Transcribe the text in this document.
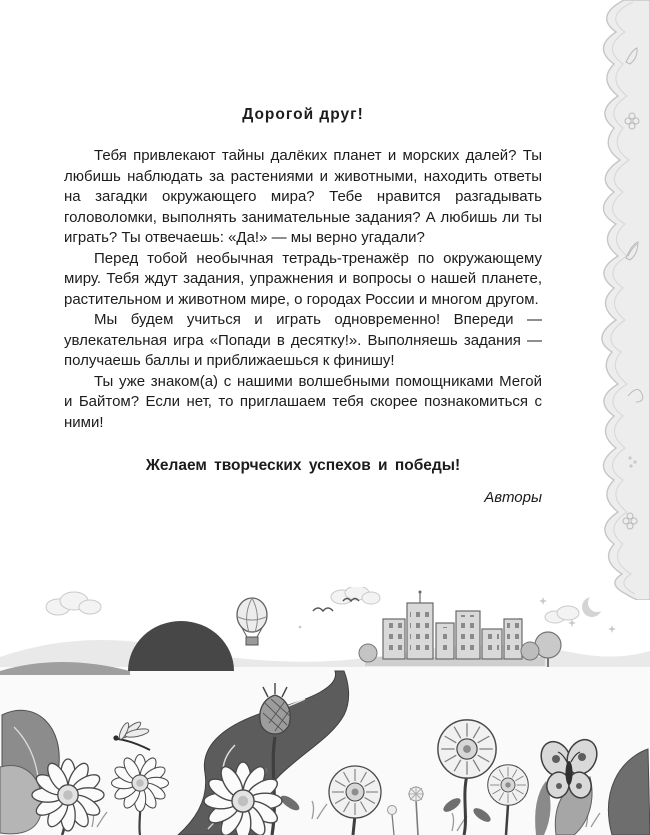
Дорогой друг!

Тебя привлекают тайны далёких планет и морских далей? Ты любишь наблюдать за растениями и животными, находить ответы на загадки окружающего мира? Тебе нравится разгадывать головоломки, выполнять занимательные задания? А любишь ли ты играть? Ты отвечаешь: «Да!» — мы верно угадали?

Перед тобой необычная тетрадь-тренажёр по окружающему миру. Тебя ждут задания, упражнения и вопросы о нашей планете, растительном и животном мире, о городах России и многом другом.

Мы будем учиться и играть одновременно! Впереди — увлекательная игра «Попади в десятку!». Выполняешь задания — получаешь баллы и приближаешься к финишу!

Ты уже знаком(а) с нашими волшебными помощниками Мегой и Байтом? Если нет, то приглашаем тебя скорее познакомиться с ними!

Желаем творческих успехов и победы!

Авторы
